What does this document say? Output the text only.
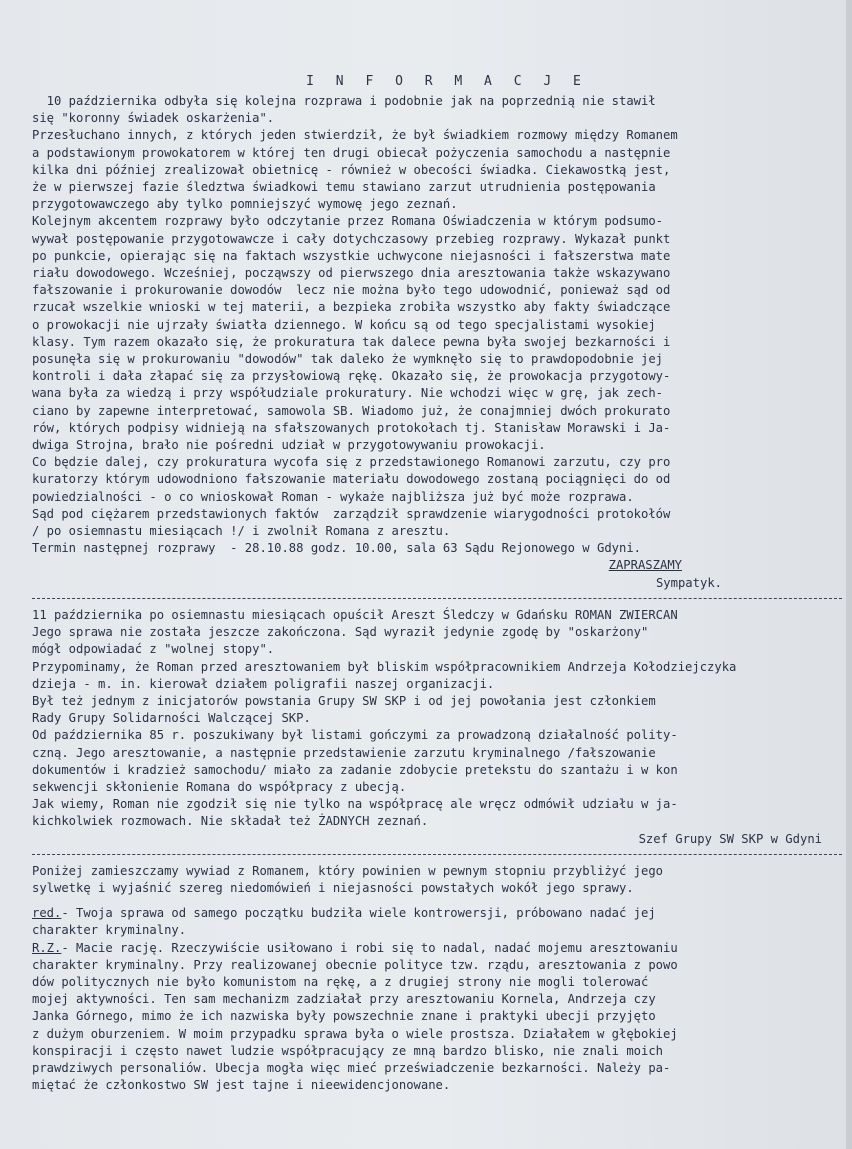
I N F O R M A C J E

10 października odbyła się kolejna rozprawa i podobnie jak na poprzednią nie stawił

się "koronny świadek oskarżenia".

Przesłuchano innych, z których jeden stwierdził, że był świadkiem rozmowy między Romanem

a podstawionym prowokatorem w której ten drugi obiecał pożyczenia samochodu a następnie

kilka dni później zrealizował obietnicę - również w obecości świadka. Ciekawostką jest,

że w pierwszej fazie śledztwa świadkowi temu stawiano zarzut utrudnienia postępowania

przygotowawczego aby tylko pomniejszyć wymowę jego zeznań.

Kolejnym akcentem rozprawy było odczytanie przez Romana Oświadczenia w którym podsumo-

wywał postępowanie przygotowawcze i cały dotychczasowy przebieg rozprawy. Wykazał punkt

po punkcie, opierając się na faktach wszystkie uchwycone niejasności i fałszerstwa mate

riału dowodowego. Wcześniej, począwszy od pierwszego dnia aresztowania także wskazywano

fałszowanie i prokurowanie dowodów  lecz nie można było tego udowodnić, ponieważ sąd od

rzucał wszelkie wnioski w tej materii, a bezpieka zrobiła wszystko aby fakty świadczące

o prowokacji nie ujrzały światła dziennego. W końcu są od tego specjalistami wysokiej

klasy. Tym razem okazało się, że prokuratura tak dalece pewna była swojej bezkarności i

posunęła się w prokurowaniu "dowodów" tak daleko że wymknęło się to prawdopodobnie jej

kontroli i dała złapać się za przysłowiową rękę. Okazało się, że prowokacja przygotowy-

wana była za wiedzą i przy współudziale prokuratury. Nie wchodzi więc w grę, jak zech-

ciano by zapewne interpretować, samowola SB. Wiadomo już, że conajmniej dwóch prokurato

rów, których podpisy widnieją na sfałszowanych protokołach tj. Stanisław Morawski i Ja-

dwiga Strojna, brało nie pośredni udział w przygotowywaniu prowokacji.

Co będzie dalej, czy prokuratura wycofa się z przedstawionego Romanowi zarzutu, czy pro

kuratorzy którym udowodniono fałszowanie materiału dowodowego zostaną pociągnięci do od

powiedzialności - o co wnioskował Roman - wykaże najbliższa już być może rozprawa.

Sąd pod ciężarem przedstawionych faktów  zarządził sprawdzenie wiarygodności protokołów

/ po osiemnastu miesiącach !/ i zwolnił Romana z aresztu.

Termin następnej rozprawy  - 28.10.88 godz. 10.00, sala 63 Sądu Rejonowego w Gdyni.

ZAPRASZAMY

Sympatyk.

11 października po osiemnastu miesiącach opuścił Areszt Śledczy w Gdańsku ROMAN ZWIERCAN

Jego sprawa nie została jeszcze zakończona. Sąd wyraził jedynie zgodę by "oskarżony"

mógł odpowiadać z "wolnej stopy".

Przypominamy, że Roman przed aresztowaniem był bliskim współpracownikiem Andrzeja Kołodziejczyka

dzieja - m. in. kierował działem poligrafii naszej organizacji.

Był też jednym z inicjatorów powstania Grupy SW SKP i od jej powołania jest członkiem

Rady Grupy Solidarności Walczącej SKP.

Od października 85 r. poszukiwany był listami gończymi za prowadzoną działalność polity-

czną. Jego aresztowanie, a następnie przedstawienie zarzutu kryminalnego /fałszowanie

dokumentów i kradzież samochodu/ miało za zadanie zdobycie pretekstu do szantażu i w kon

sekwencji skłonienie Romana do współpracy z ubecją.

Jak wiemy, Roman nie zgodził się nie tylko na współpracę ale wręcz odmówił udziału w ja-

kichkolwiek rozmowach. Nie składał też ŻADNYCH zeznań.

Szef Grupy SW SKP w Gdyni

Poniżej zamieszczamy wywiad z Romanem, który powinien w pewnym stopniu przybliżyć jego

sylwetkę i wyjaśnić szereg niedomówień i niejasności powstałych wokół jego sprawy.

red.- Twoja sprawa od samego początku budziła wiele kontrowersji, próbowano nadać jej

charakter kryminalny.

R.Z.- Macie rację. Rzeczywiście usiłowano i robi się to nadal, nadać mojemu aresztowaniu

charakter kryminalny. Przy realizowanej obecnie polityce tzw. rządu, aresztowania z powo

dów politycznych nie było komunistom na rękę, a z drugiej strony nie mogli tolerować

mojej aktywności. Ten sam mechanizm zadziałał przy aresztowaniu Kornela, Andrzeja czy

Janka Górnego, mimo że ich nazwiska były powszechnie znane i praktyki ubecji przyjęto

z dużym oburzeniem. W moim przypadku sprawa była o wiele prostsza. Działałem w głębokiej

konspiracji i często nawet ludzie współpracujący ze mną bardzo blisko, nie znali moich

prawdziwych personaliów. Ubecja mogła więc mieć przeświadczenie bezkarności. Należy pa-

miętać że członkostwo SW jest tajne i nieewidencjonowane.
